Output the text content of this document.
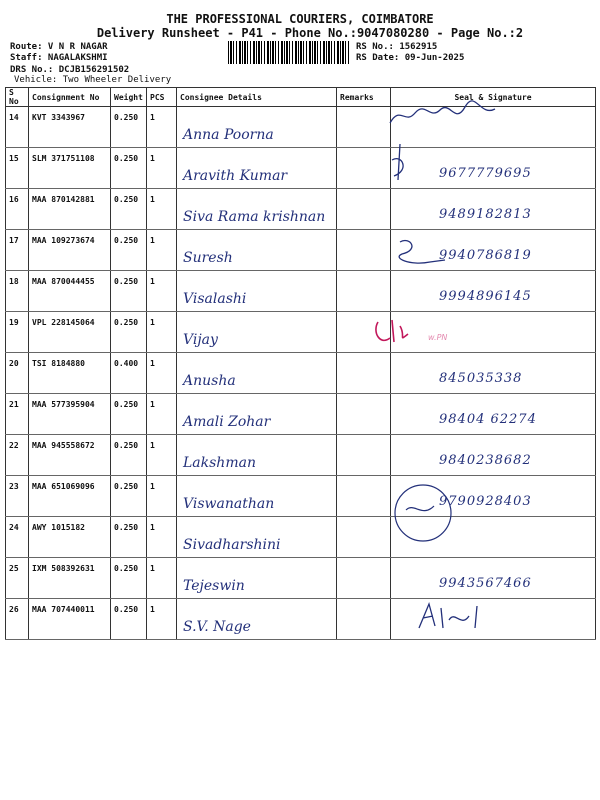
THE PROFESSIONAL COURIERS, COIMBATORE
Delivery Runsheet - P41 - Phone No.:9047080280 - Page No.:2
Route: V N R NAGAR
Staff: NAGALAKSHMI
DRS No.: DCJB156291502
Vehicle: Two Wheeler Delivery
RS No.: 1562915
RS Date: 09-Jun-2025
S No	Consignment No	Weight	PCS	Consignee Details	Remarks	Seal & Signature
14	KVT 3343967	0.250	1	Anna Poorna		

15	SLM 371751108	0.250	1	Aravith Kumar		9677779695

16	MAA 870142881	0.250	1	Siva Rama krishnan		9489182813

17	MAA 109273674	0.250	1	Suresh		9940786819

18	MAA 870044455	0.250	1	Visalashi		9994896145

19	VPL 228145064	0.250	1	Vijay		

20	TSI 8184880	0.400	1	Anusha		845035338

21	MAA 577395904	0.250	1	Amali Zohar		98404 62274

22	MAA 945558672	0.250	1	Lakshman		9840238682

23	MAA 651069096	0.250	1	Viswanathan		9790928403

24	AWY 1015182	0.250	1	Sivadharshini		

25	IXM 508392631	0.250	1	Tejeswin		9943567466

26	MAA 707440011	0.250	1	S.V. Nage		

w.PN
